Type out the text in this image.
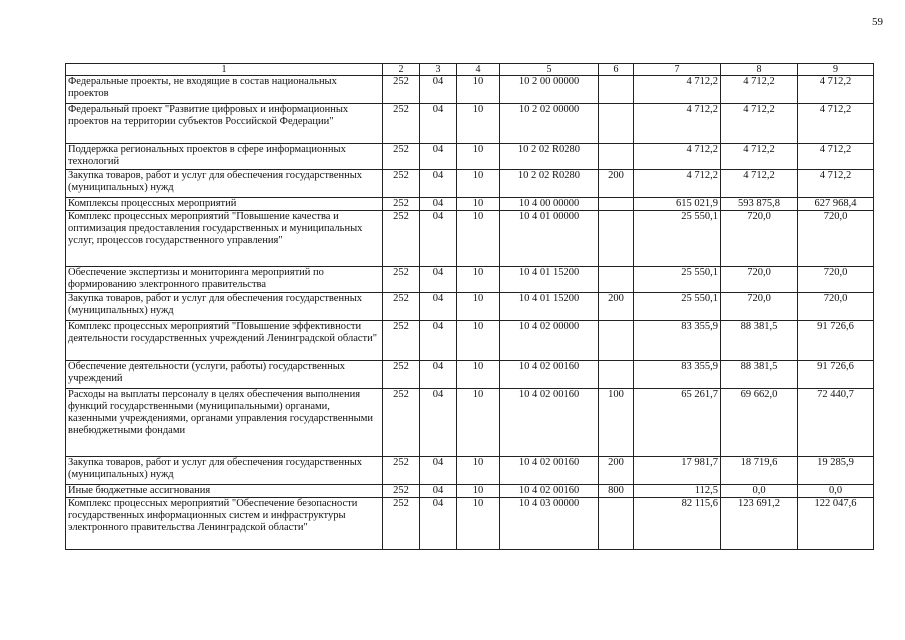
59
1	2	3	4	5	6	7	8	9
Федеральные проекты, не входящие в состав национальных проектов	252	04	10	10 2 00 00000		4 712,2	4 712,2	4 712,2
Федеральный проект "Развитие цифровых и информационных проектов на территории субъектов Российской Федерации"	252	04	10	10 2 02 00000		4 712,2	4 712,2	4 712,2
Поддержка региональных проектов в сфере информационных технологий	252	04	10	10 2 02 R0280		4 712,2	4 712,2	4 712,2
Закупка товаров, работ и услуг для обеспечения государственных (муниципальных) нужд	252	04	10	10 2 02 R0280	200	4 712,2	4 712,2	4 712,2
Комплексы процессных мероприятий	252	04	10	10 4 00 00000		615 021,9	593 875,8	627 968,4
Комплекс процессных мероприятий "Повышение качества и оптимизация предоставления государственных и муниципальных услуг, процессов государственного управления"	252	04	10	10 4 01 00000		25 550,1	720,0	720,0
Обеспечение экспертизы и мониторинга мероприятий по формированию электронного правительства	252	04	10	10 4 01 15200		25 550,1	720,0	720,0
Закупка товаров, работ и услуг для обеспечения государственных (муниципальных) нужд	252	04	10	10 4 01 15200	200	25 550,1	720,0	720,0
Комплекс процессных мероприятий "Повышение эффективности деятельности государственных учреждений Ленинградской области"	252	04	10	10 4 02 00000		83 355,9	88 381,5	91 726,6
Обеспечение деятельности (услуги, работы) государственных учреждений	252	04	10	10 4 02 00160		83 355,9	88 381,5	91 726,6
Расходы на выплаты персоналу в целях обеспечения выполнения функций государственными (муниципальными) органами, казенными учреждениями, органами управления государственными внебюджетными фондами	252	04	10	10 4 02 00160	100	65 261,7	69 662,0	72 440,7
Закупка товаров, работ и услуг для обеспечения государственных (муниципальных) нужд	252	04	10	10 4 02 00160	200	17 981,7	18 719,6	19 285,9
Иные бюджетные ассигнования	252	04	10	10 4 02 00160	800	112,5	0,0	0,0
Комплекс процессных мероприятий "Обеспечение безопасности государственных информационных систем и инфраструктуры электронного правительства Ленинградской области"	252	04	10	10 4 03 00000		82 115,6	123 691,2	122 047,6
